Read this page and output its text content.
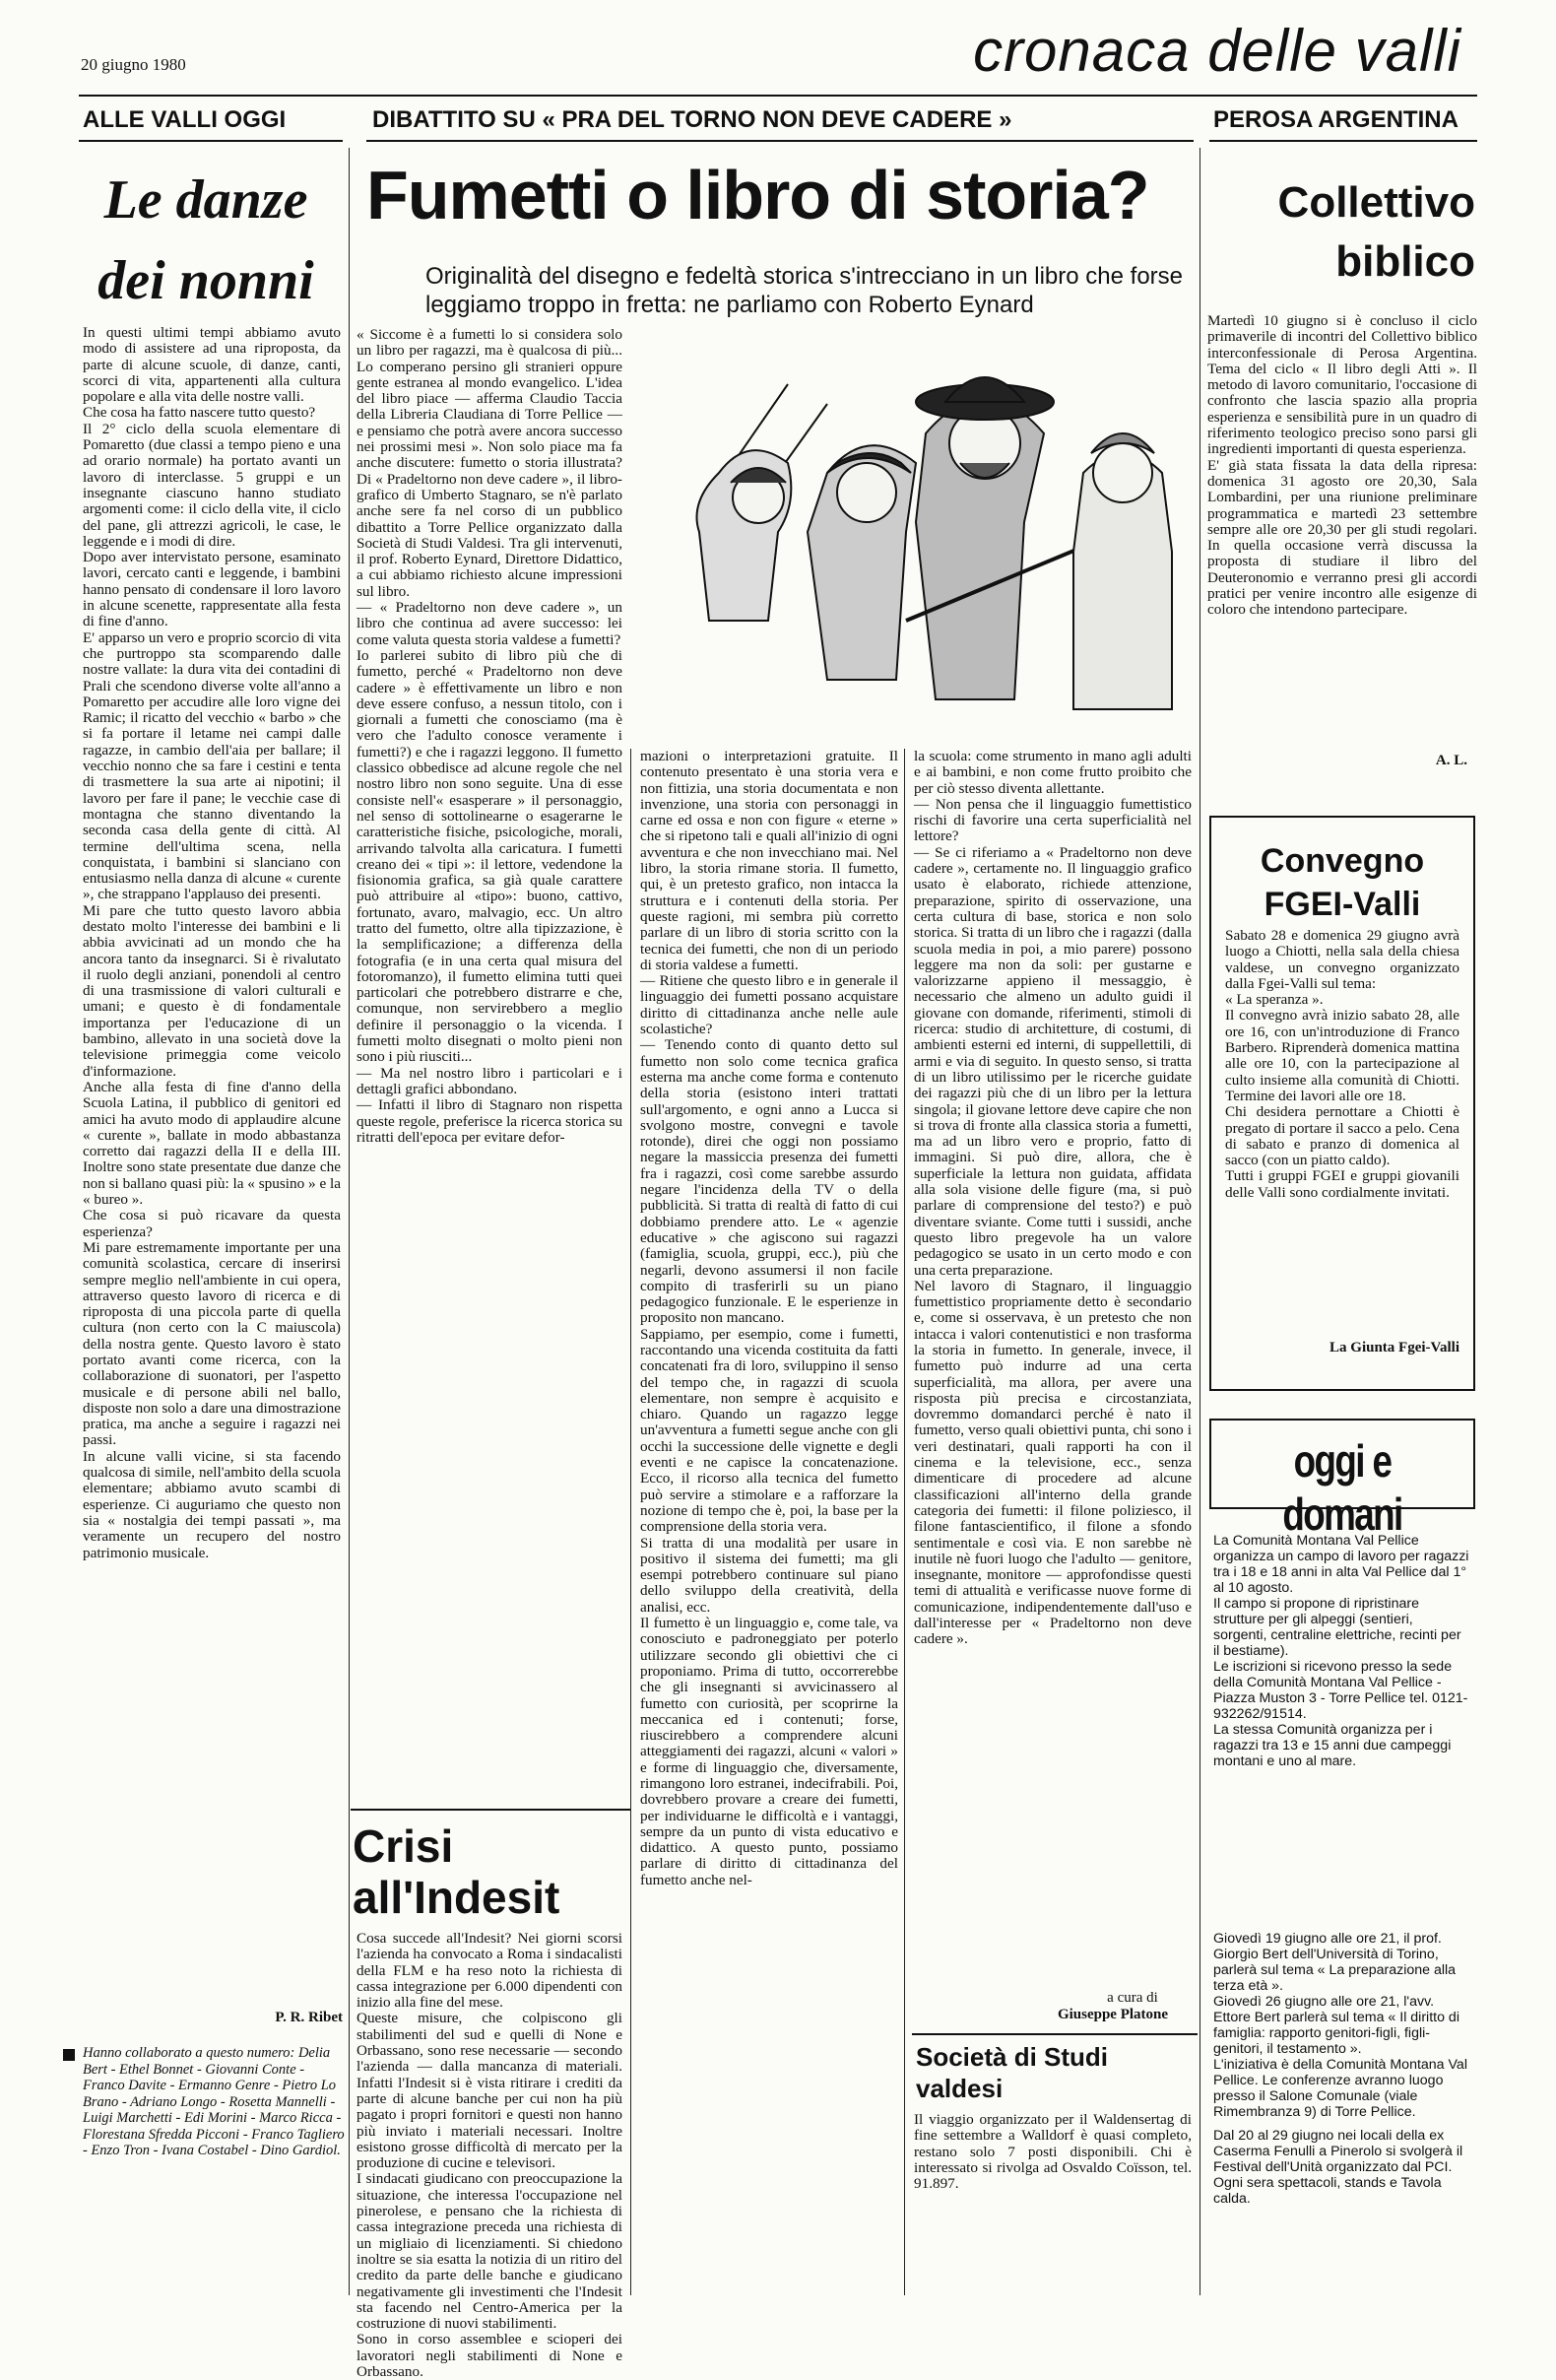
20 giugno 1980	cronaca delle valli
ALLE VALLI OGGI	DIBATTITO SU « PRA DEL TORNO NON DEVE CADERE »	PEROSA ARGENTINA
Le danze dei nonni
In questi ultimi tempi abbiamo avuto modo di assistere ad una riproposta, da parte di alcune scuole, di danze, canti, scorci di vita, appartenenti alla cultura popolare e alla vita delle nostre valli.
Che cosa ha fatto nascere tutto questo?
Il 2° ciclo della scuola elementare di Pomaretto (due classi a tempo pieno e una ad orario normale) ha portato avanti un lavoro di interclasse. 5 gruppi e un insegnante ciascuno hanno studiato argomenti come: il ciclo della vite, il ciclo del pane, gli attrezzi agricoli, le case, le leggende e i modi di dire.
Dopo aver intervistato persone, esaminato lavori, cercato canti e leggende, i bambini hanno pensato di condensare il loro lavoro in alcune scenette, rappresentate alla festa di fine d'anno.
E' apparso un vero e proprio scorcio di vita che purtroppo sta scomparendo dalle nostre vallate: la dura vita dei contadini di Prali che scendono diverse volte all'anno a Pomaretto per accudire alle loro vigne dei Ramic; il ricatto del vecchio « barbo » che si fa portare il letame nei campi dalle ragazze, in cambio dell'aia per ballare; il vecchio nonno che sa fare i cestini e tenta di trasmettere la sua arte ai nipotini; il lavoro per fare il pane; le vecchie case di montagna che stanno diventando la seconda casa della gente di città. Al termine dell'ultima scena, nella conquistata, i bambini si slanciano con entusiasmo nella danza di alcune « curente », che strappano l'applauso dei presenti.
Mi pare che tutto questo lavoro abbia destato molto l'interesse dei bambini e li abbia avvicinati ad un mondo che ha ancora tanto da insegnarci. Si è rivalutato il ruolo degli anziani, ponendoli al centro di una trasmissione di valori culturali e umani; e questo è di fondamentale importanza per l'educazione di un bambino, allevato in una società dove la televisione primeggia come veicolo d'informazione.
Anche alla festa di fine d'anno della Scuola Latina, il pubblico di genitori ed amici ha avuto modo di applaudire alcune « curente », ballate in modo abbastanza corretto dai ragazzi della II e della III. Inoltre sono state presentate due danze che non si ballano quasi più: la « spusino » e la « bureo ».
Che cosa si può ricavare da questa esperienza?
Mi pare estremamente importante per una comunità scolastica, cercare di inserirsi sempre meglio nell'ambiente in cui opera, attraverso questo lavoro di ricerca e di riproposta di una piccola parte di quella cultura (non certo con la C maiuscola) della nostra gente. Questo lavoro è stato portato avanti come ricerca, con la collaborazione di suonatori, per l'aspetto musicale e di persone abili nel ballo, disposte non solo a dare una dimostrazione pratica, ma anche a seguire i ragazzi nei passi.
In alcune valli vicine, si sta facendo qualcosa di simile, nell'ambito della scuola elementare; abbiamo avuto scambi di esperienze. Ci auguriamo che questo non sia « nostalgia dei tempi passati », ma veramente un recupero del nostro patrimonio musicale.
P. R. Ribet
Hanno collaborato a questo numero: Delia Bert - Ethel Bonnet - Giovanni Conte - Franco Davite - Ermanno Genre - Pietro Lo Brano - Adriano Longo - Rosetta Mannelli - Luigi Marchetti - Edi Morini - Marco Ricca - Florestana Sfredda Picconi - Franco Tagliero - Enzo Tron - Ivana Costabel - Dino Gardiol.
Fumetti o libro di storia?
Originalità del disegno e fedeltà storica s'intrecciano in un libro che forse leggiamo troppo in fretta: ne parliamo con Roberto Eynard
« Siccome è a fumetti lo si considera solo un libro per ragazzi, ma è qualcosa di più... Lo comperano persino gli stranieri oppure gente estranea al mondo evangelico. L'idea del libro piace — afferma Claudio Taccia della Libreria Claudiana di Torre Pellice — e pensiamo che potrà avere ancora successo nei prossimi mesi ». Non solo piace ma fa anche discutere: fumetto o storia illustrata? Di « Pradeltorno non deve cadere », il libro-grafico di Umberto Stagnaro, se n'è parlato anche sere fa nel corso di un pubblico dibattito a Torre Pellice organizzato dalla Società di Studi Valdesi. Tra gli intervenuti, il prof. Roberto Eynard, Direttore Didattico, a cui abbiamo richiesto alcune impressioni sul libro.
— « Pradeltorno non deve cadere », un libro che continua ad avere successo: lei come valuta questa storia valdese a fumetti?
Io parlerei subito di libro più che di fumetto, perché « Pradeltorno non deve cadere » è effettivamente un libro e non deve essere confuso, a nessun titolo, con i giornali a fumetti che conosciamo (ma è vero che l'adulto conosce veramente i fumetti?) e che i ragazzi leggono. Il fumetto classico obbedisce ad alcune regole che nel nostro libro non sono seguite. Una di esse consiste nell'« esasperare » il personaggio, nel senso di sottolinearne o esagerarne le caratteristiche fisiche, psicologiche, morali, arrivando talvolta alla caricatura. I fumetti creano dei « tipi »: il lettore, vedendone la fisionomia grafica, sa già quale carattere può attribuire al «tipo»: buono, cattivo, fortunato, avaro, malvagio, ecc. Un altro tratto del fumetto, oltre alla tipizzazione, è la semplificazione; a differenza della fotografia (e in una certa qual misura del fotoromanzo), il fumetto elimina tutti quei particolari che potrebbero distrarre e che, comunque, non servirebbero a meglio definire il personaggio o la vicenda. I fumetti molto disegnati o molto pieni non sono i più riusciti...
— Ma nel nostro libro i particolari e i dettagli grafici abbondano.
— Infatti il libro di Stagnaro non rispetta queste regole, preferisce la ricerca storica su ritratti dell'epoca per evitare defor-
mazioni o interpretazioni gratuite. Il contenuto presentato è una storia vera e non fittizia, una storia documentata e non invenzione, una storia con personaggi in carne ed ossa e non con figure « eterne » che si ripetono tali e quali all'inizio di ogni avventura e che non invecchiano mai. Nel libro, la storia rimane storia. Il fumetto, qui, è un pretesto grafico, non intacca la struttura e i contenuti della storia. Per queste ragioni, mi sembra più corretto parlare di un libro di storia scritto con la tecnica dei fumetti, che non di un periodo di storia valdese a fumetti.
— Ritiene che questo libro e in generale il linguaggio dei fumetti possano acquistare diritto di cittadinanza anche nelle aule scolastiche?
— Tenendo conto di quanto detto sul fumetto non solo come tecnica grafica esterna ma anche come forma e contenuto della storia (esistono interi trattati sull'argomento, e ogni anno a Lucca si svolgono mostre, convegni e tavole rotonde), direi che oggi non possiamo negare la massiccia presenza dei fumetti fra i ragazzi, così come sarebbe assurdo negare l'incidenza della TV o della pubblicità. Si tratta di realtà di fatto di cui dobbiamo prendere atto. Le « agenzie educative » che agiscono sui ragazzi (famiglia, scuola, gruppi, ecc.), più che negarli, devono assumersi il non facile compito di trasferirli su un piano pedagogico funzionale. E le esperienze in proposito non mancano.
Sappiamo, per esempio, come i fumetti, raccontando una vicenda costituita da fatti concatenati fra di loro, sviluppino il senso del tempo che, in ragazzi di scuola elementare, non sempre è acquisito e chiaro. Quando un ragazzo legge un'avventura a fumetti segue anche con gli occhi la successione delle vignette e degli eventi e ne capisce la concatenazione. Ecco, il ricorso alla tecnica del fumetto può servire a stimolare e a rafforzare la nozione di tempo che è, poi, la base per la comprensione della storia vera.
Si tratta di una modalità per usare in positivo il sistema dei fumetti; ma gli esempi potrebbero continuare sul piano dello sviluppo della creatività, della analisi, ecc.
Il fumetto è un linguaggio e, come tale, va conosciuto e padroneggiato per poterlo utilizzare secondo gli obiettivi che ci proponiamo. Prima di tutto, occorrerebbe che gli insegnanti si avvicinassero al fumetto con curiosità, per scoprirne la meccanica ed i contenuti; forse, riuscirebbero a comprendere alcuni atteggiamenti dei ragazzi, alcuni « valori » e forme di linguaggio che, diversamente, rimangono loro estranei, indecifrabili. Poi, dovrebbero provare a creare dei fumetti, per individuarne le difficoltà e i vantaggi, sempre da un punto di vista educativo e didattico. A questo punto, possiamo parlare di diritto di cittadinanza del fumetto anche nel-
la scuola: come strumento in mano agli adulti e ai bambini, e non come frutto proibito che per ciò stesso diventa allettante.
— Non pensa che il linguaggio fumettistico rischi di favorire una certa superficialità nel lettore?
— Se ci riferiamo a « Pradeltorno non deve cadere », certamente no. Il linguaggio grafico usato è elaborato, richiede attenzione, preparazione, spirito di osservazione, una certa cultura di base, storica e non solo storica. Si tratta di un libro che i ragazzi (dalla scuola media in poi, a mio parere) possono leggere ma non da soli: per gustarne e valorizzarne appieno il messaggio, è necessario che almeno un adulto guidi il giovane con domande, riferimenti, stimoli di ricerca: studio di architetture, di costumi, di ambienti esterni ed interni, di suppellettili, di armi e via di seguito. In questo senso, si tratta di un libro utilissimo per le ricerche guidate dei ragazzi più che di un libro per la lettura singola; il giovane lettore deve capire che non si trova di fronte alla classica storia a fumetti, ma ad un libro vero e proprio, fatto di immagini. Si può dire, allora, che è superficiale la lettura non guidata, affidata alla sola visione delle figure (ma, si può parlare di comprensione del testo?) e può diventare sviante. Come tutti i sussidi, anche questo libro pregevole ha un valore pedagogico se usato in un certo modo e con una certa preparazione.
Nel lavoro di Stagnaro, il linguaggio fumettistico propriamente detto è secondario e, come si osservava, è un pretesto che non intacca i valori contenutistici e non trasforma la storia in fumetto. In generale, invece, il fumetto può indurre ad una certa superficialità, ma allora, per avere una risposta più precisa e circostanziata, dovremmo domandarci perché è nato il fumetto, verso quali obiettivi punta, chi sono i veri destinatari, quali rapporti ha con il cinema e la televisione, ecc., senza dimenticare di procedere ad alcune classificazioni all'interno della grande categoria dei fumetti: il filone poliziesco, il filone fantascientifico, il filone a sfondo sentimentale e così via. E non sarebbe nè inutile nè fuori luogo che l'adulto — genitore, insegnante, monitore — approfondisse questi temi di attualità e verificasse nuove forme di comunicazione, indipendentemente dall'uso e dall'interesse per « Pradeltorno non deve cadere ».
a cura di
Giuseppe Platone
Crisi all'Indesit
Cosa succede all'Indesit? Nei giorni scorsi l'azienda ha convocato a Roma i sindacalisti della FLM e ha reso noto la richiesta di cassa integrazione per 6.000 dipendenti con inizio alla fine del mese.
Queste misure, che colpiscono gli stabilimenti del sud e quelli di None e Orbassano, sono rese necessarie — secondo l'azienda — dalla mancanza di materiali. Infatti l'Indesit si è vista ritirare i crediti da parte di alcune banche per cui non ha più pagato i propri fornitori e questi non hanno più inviato i materiali necessari. Inoltre esistono grosse difficoltà di mercato per la produzione di cucine e televisori.
I sindacati giudicano con preoccupazione la situazione, che interessa l'occupazione nel pinerolese, e pensano che la richiesta di cassa integrazione preceda una richiesta di un migliaio di licenziamenti. Si chiedono inoltre se sia esatta la notizia di un ritiro del credito da parte delle banche e giudicano negativamente gli investimenti che l'Indesit sta facendo nel Centro-America per la costruzione di nuovi stabilimenti.
Sono in corso assemblee e scioperi dei lavoratori negli stabilimenti di None e Orbassano.
Società di Studi valdesi
Il viaggio organizzato per il Waldensertag di fine settembre a Walldorf è quasi completo, restano solo 7 posti disponibili. Chi è interessato si rivolga ad Osvaldo Coïsson, tel. 91.897.
Collettivo biblico
Martedì 10 giugno si è concluso il ciclo primaverile di incontri del Collettivo biblico interconfessionale di Perosa Argentina. Tema del ciclo « Il libro degli Atti ». Il metodo di lavoro comunitario, l'occasione di confronto che lascia spazio alla propria esperienza e sensibilità pure in un quadro di riferimento teologico preciso sono parsi gli ingredienti importanti di questa esperienza.
E' già stata fissata la data della ripresa: domenica 31 agosto ore 20,30, Sala Lombardini, per una riunione preliminare programmatica e martedì 23 settembre sempre alle ore 20,30 per gli studi regolari. In quella occasione verrà discussa la proposta di studiare il libro del Deuteronomio e verranno presi gli accordi pratici per venire incontro alle esigenze di coloro che intendono partecipare.
A. L.
Convegno FGEI-Valli
Sabato 28 e domenica 29 giugno avrà luogo a Chiotti, nella sala della chiesa valdese, un convegno organizzato dalla Fgei-Valli sul tema:
« La speranza ».
Il convegno avrà inizio sabato 28, alle ore 16, con un'introduzione di Franco Barbero. Riprenderà domenica mattina alle ore 10, con la partecipazione al culto insieme alla comunità di Chiotti. Termine dei lavori alle ore 18.
Chi desidera pernottare a Chiotti è pregato di portare il sacco a pelo. Cena di sabato e pranzo di domenica al sacco (con un piatto caldo).
Tutti i gruppi FGEI e gruppi giovanili delle Valli sono cordialmente invitati.
La Giunta Fgei-Valli
oggi e domani
La Comunità Montana Val Pellice organizza un campo di lavoro per ragazzi tra i 18 e 18 anni in alta Val Pellice dal 1° al 10 agosto.
Il campo si propone di ripristinare strutture per gli alpeggi (sentieri, sorgenti, centraline elettriche, recinti per il bestiame).
Le iscrizioni si ricevono presso la sede della Comunità Montana Val Pellice - Piazza Muston 3 - Torre Pellice tel. 0121-932262/91514.
La stessa Comunità organizza per i ragazzi tra 13 e 15 anni due campeggi montani e uno al mare.
Giovedì 19 giugno alle ore 21, il prof. Giorgio Bert dell'Università di Torino, parlerà sul tema « La preparazione alla terza età ».
Giovedì 26 giugno alle ore 21, l'avv. Ettore Bert parlerà sul tema « Il diritto di famiglia: rapporto genitori-figli, figli-genitori, il testamento ».
L'iniziativa è della Comunità Montana Val Pellice. Le conferenze avranno luogo presso il Salone Comunale (viale Rimembranza 9) di Torre Pellice.
Dal 20 al 29 giugno nei locali della ex Caserma Fenulli a Pinerolo si svolgerà il Festival dell'Unità organizzato dal PCI.
Ogni sera spettacoli, stands e Tavola calda.
